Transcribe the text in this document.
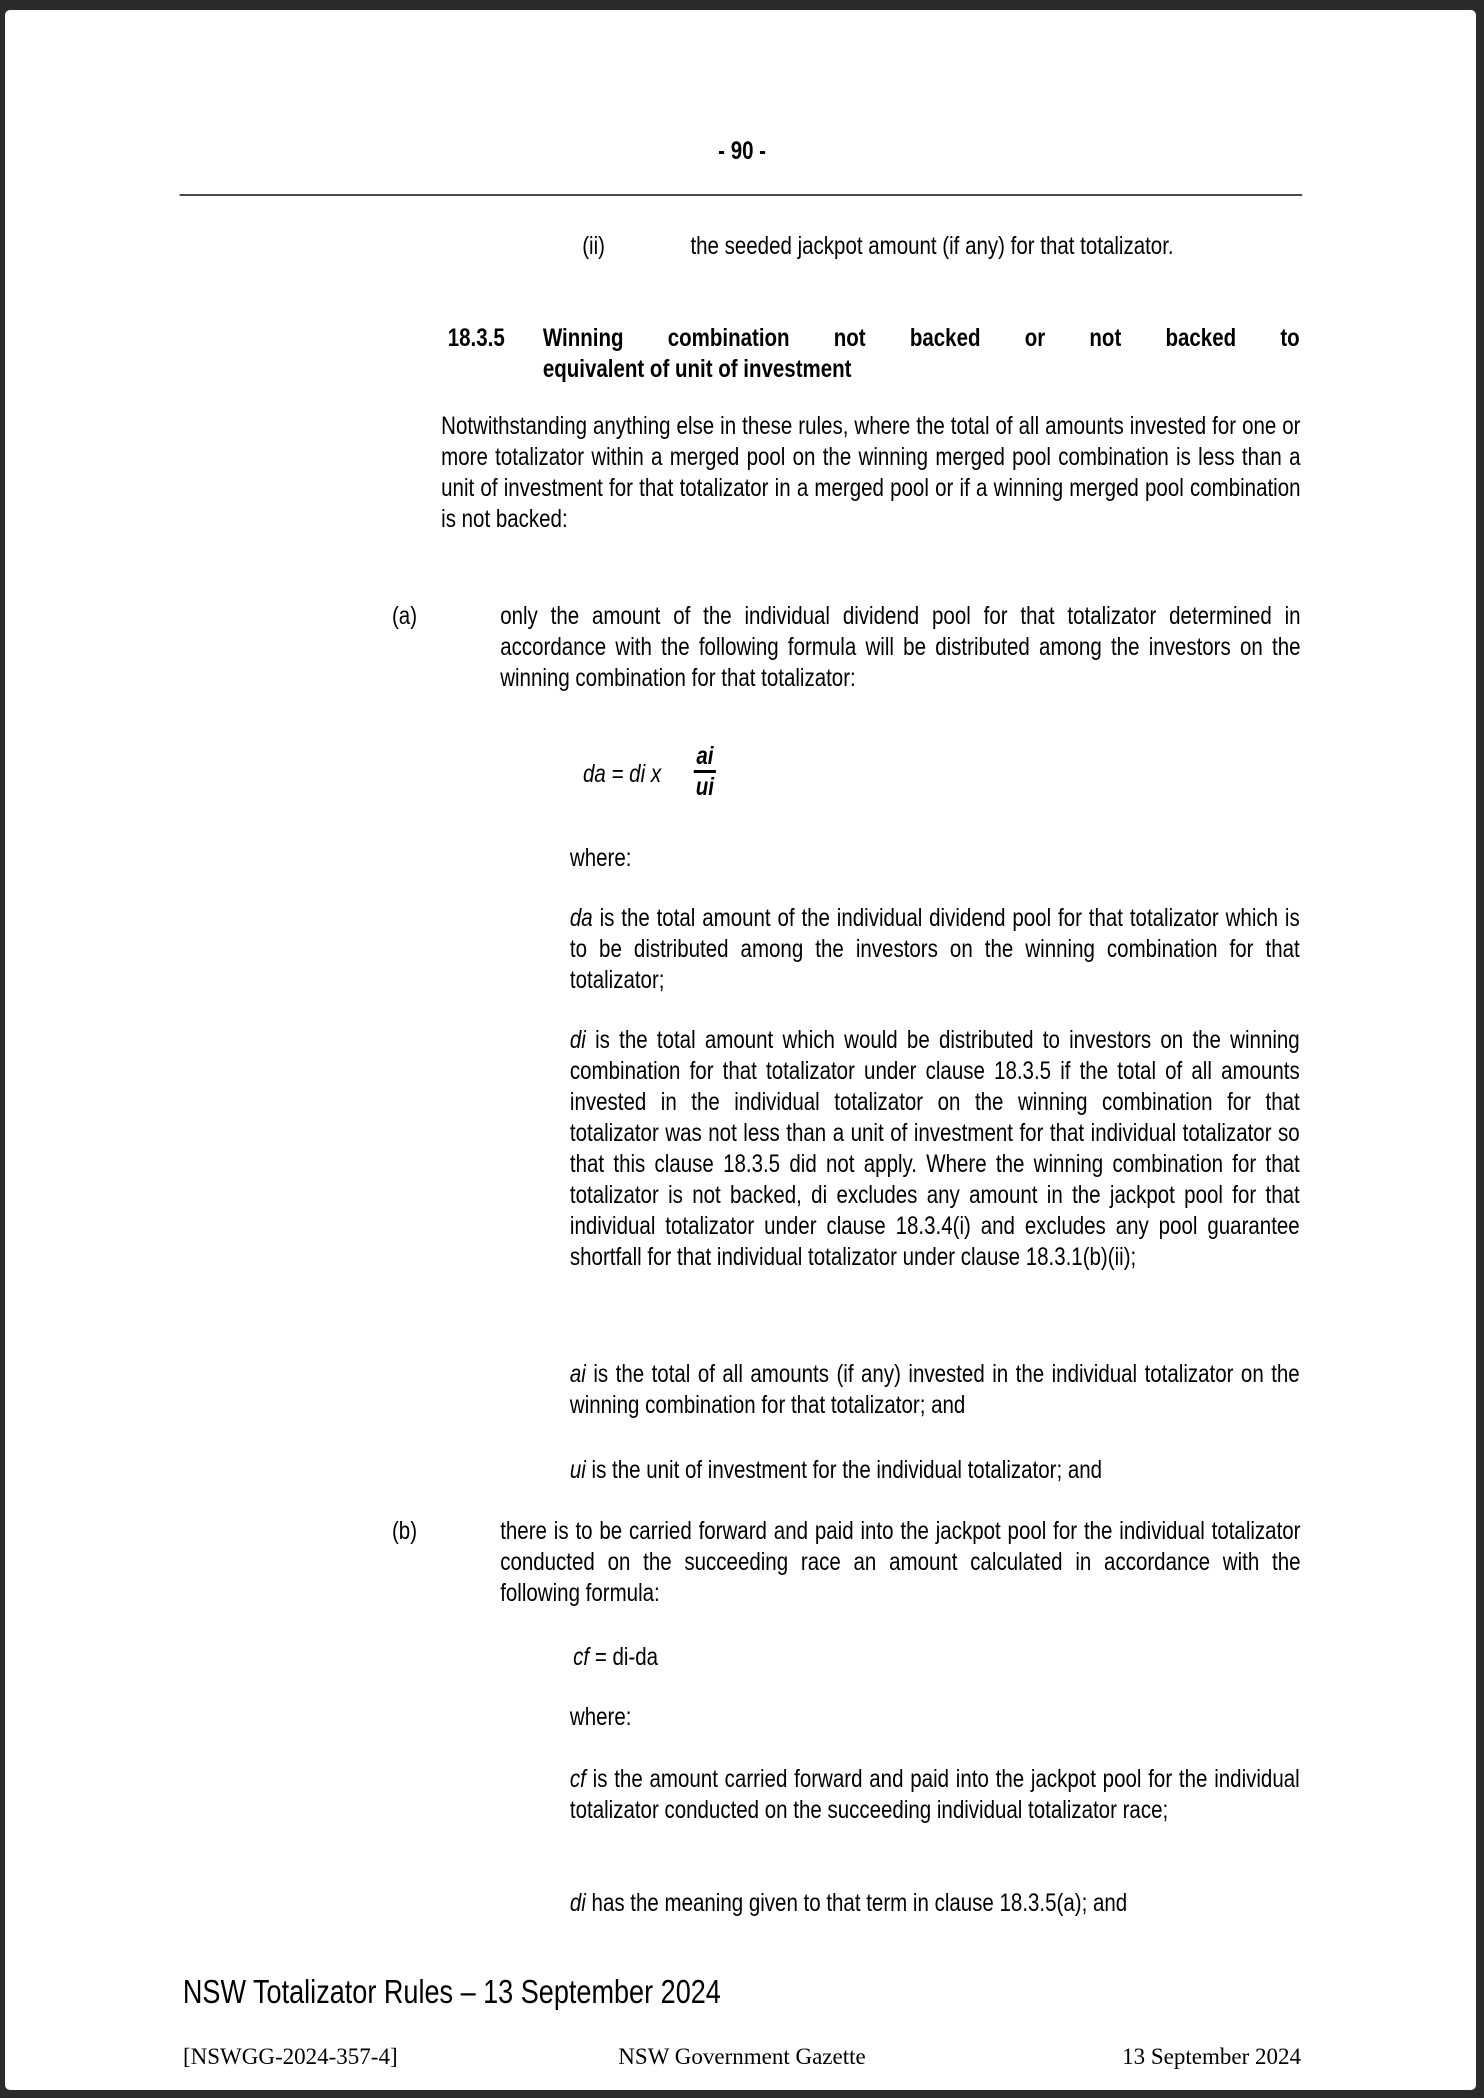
- 90 -
(ii)	the seeded jackpot amount (if any) for that totalizator.
18.3.5	Winning combination not backed or not backed to
equivalent of unit of investment
Notwithstanding anything else in these rules, where the total of all amounts invested for one or more totalizator within a merged pool on the winning merged pool combination is less than a unit of investment for that totalizator in a merged pool or if a winning merged pool combination is not backed:
(a)	only the amount of the individual dividend pool for that totalizator determined in accordance with the following formula will be distributed among the investors on the winning combination for that totalizator:
da = di x $\frac{ai}{ui}$
where:
da is the total amount of the individual dividend pool for that totalizator which is to be distributed among the investors on the winning combination for that totalizator;
di is the total amount which would be distributed to investors on the winning combination for that totalizator under clause 18.3.5 if the total of all amounts invested in the individual totalizator on the winning combination for that totalizator was not less than a unit of investment for that individual totalizator so that this clause 18.3.5 did not apply. Where the winning combination for that totalizator is not backed, di excludes any amount in the jackpot pool for that individual totalizator under clause 18.3.4(i) and excludes any pool guarantee shortfall for that individual totalizator under clause 18.3.1(b)(ii);
ai is the total of all amounts (if any) invested in the individual totalizator on the winning combination for that totalizator; and
ui is the unit of investment for the individual totalizator; and
(b)	there is to be carried forward and paid into the jackpot pool for the individual totalizator conducted on the succeeding race an amount calculated in accordance with the following formula:
cf = di-da
where:
cf is the amount carried forward and paid into the jackpot pool for the individual totalizator conducted on the succeeding individual totalizator race;
di has the meaning given to that term in clause 18.3.5(a); and
NSW Totalizator Rules – 13 September 2024
[NSWGG-2024-357-4]	NSW Government Gazette	13 September 2024
